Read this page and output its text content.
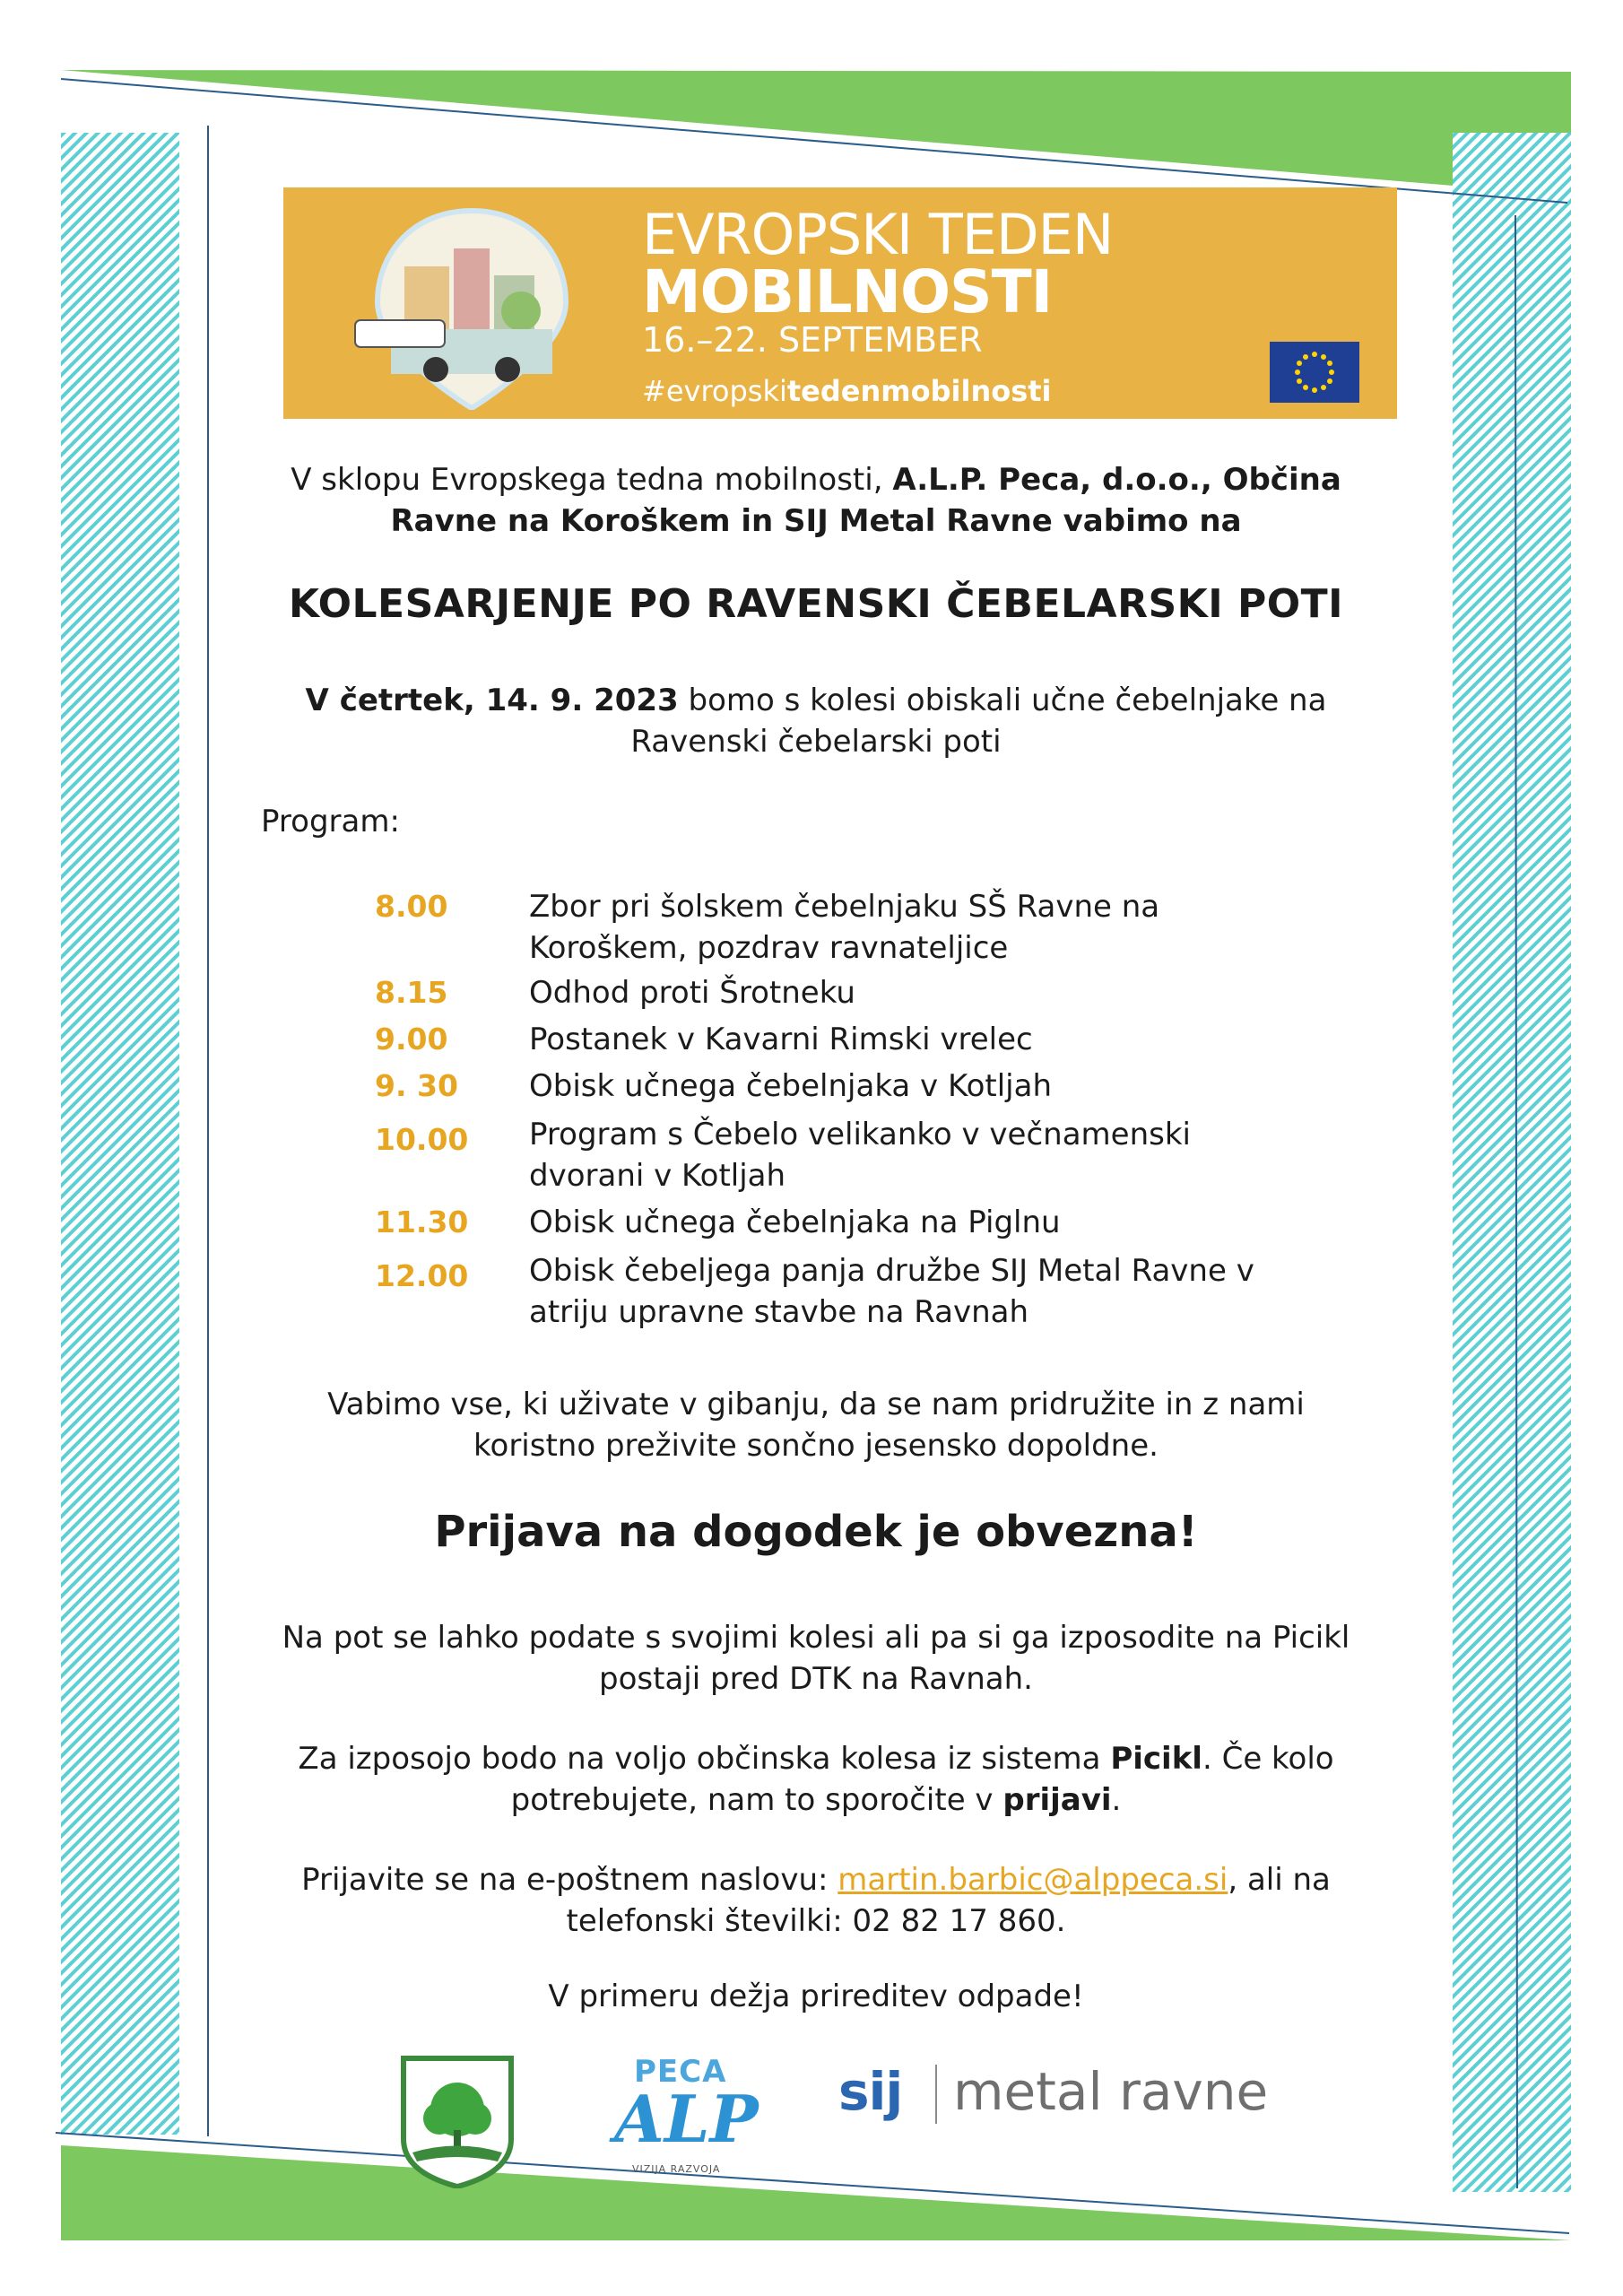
EVROPSKI TEDEN
MOBILNOSTI
16.–22. SEPTEMBER
#evropskitedenmobilnosti
V sklopu Evropskega tedna mobilnosti, A.L.P. Peca, d.o.o., Občina Ravne na Koroškem in SIJ Metal Ravne vabimo na
KOLESARJENJE PO RAVENSKI ČEBELARSKI POTI
V četrtek, 14. 9. 2023 bomo s kolesi obiskali učne čebelnjake na Ravenski čebelarski poti
Program:
8.00	Zbor pri šolskem čebelnjaku SŠ Ravne na Koroškem, pozdrav ravnateljice
8.15	Odhod proti Šrotneku
9.00	Postanek v Kavarni Rimski vrelec
9. 30	Obisk učnega čebelnjaka v Kotljah
10.00	Program s Čebelo velikanko v večnamenski dvorani v Kotljah
11.30	Obisk učnega čebelnjaka na Piglnu
12.00	Obisk čebeljega panja družbe SIJ Metal Ravne v atriju upravne stavbe na Ravnah
Vabimo vse, ki uživate v gibanju, da se nam pridružite in z nami koristno preživite sončno jesensko dopoldne.
Prijava na dogodek je obvezna!
Na pot se lahko podate s svojimi kolesi ali pa si ga izposodite na Picikl postaji pred DTK na Ravnah.
Za izposojo bodo na voljo občinska kolesa iz sistema Picikl. Če kolo potrebujete, nam to sporočite v prijavi.
Prijavite se na e-poštnem naslovu: martin.barbic@alppeca.si, ali na telefonski številki: 02 82 17 860.
V primeru dežja prireditev odpade!
PECA
ALP
VIZIJA RAZVOJA
sij metal ravne
